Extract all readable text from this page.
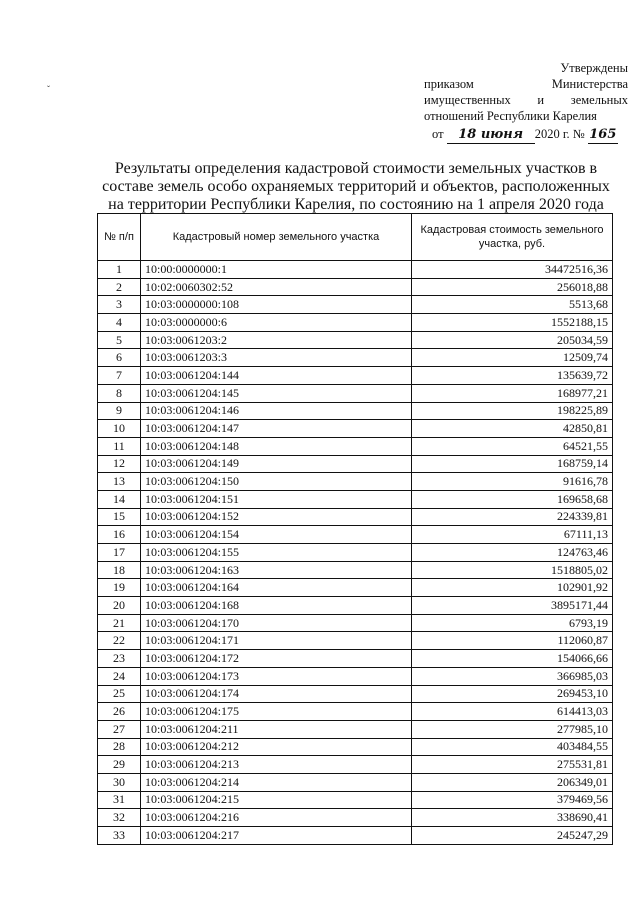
ˇ
Утверждены
приказом	Министерства
имущественных и земельных
отношений Республики Карелия
от 18 июня 2020 г. № 165
Результаты определения кадастровой стоимости земельных участков в составе земель особо охраняемых территорий и объектов, расположенных на территории Республики Карелия, по состоянию на 1 апреля 2020 года
№ п/п	Кадастровый номер земельного участка	Кадастровая стоимость земельного участка, руб.
1	10:00:0000000:1	34472516,36
2	10:02:0060302:52	256018,88
3	10:03:0000000:108	5513,68
4	10:03:0000000:6	1552188,15
5	10:03:0061203:2	205034,59
6	10:03:0061203:3	12509,74
7	10:03:0061204:144	135639,72
8	10:03:0061204:145	168977,21
9	10:03:0061204:146	198225,89
10	10:03:0061204:147	42850,81
11	10:03:0061204:148	64521,55
12	10:03:0061204:149	168759,14
13	10:03:0061204:150	91616,78
14	10:03:0061204:151	169658,68
15	10:03:0061204:152	224339,81
16	10:03:0061204:154	67111,13
17	10:03:0061204:155	124763,46
18	10:03:0061204:163	1518805,02
19	10:03:0061204:164	102901,92
20	10:03:0061204:168	3895171,44
21	10:03:0061204:170	6793,19
22	10:03:0061204:171	112060,87
23	10:03:0061204:172	154066,66
24	10:03:0061204:173	366985,03
25	10:03:0061204:174	269453,10
26	10:03:0061204:175	614413,03
27	10:03:0061204:211	277985,10
28	10:03:0061204:212	403484,55
29	10:03:0061204:213	275531,81
30	10:03:0061204:214	206349,01
31	10:03:0061204:215	379469,56
32	10:03:0061204:216	338690,41
33	10:03:0061204:217	245247,29
